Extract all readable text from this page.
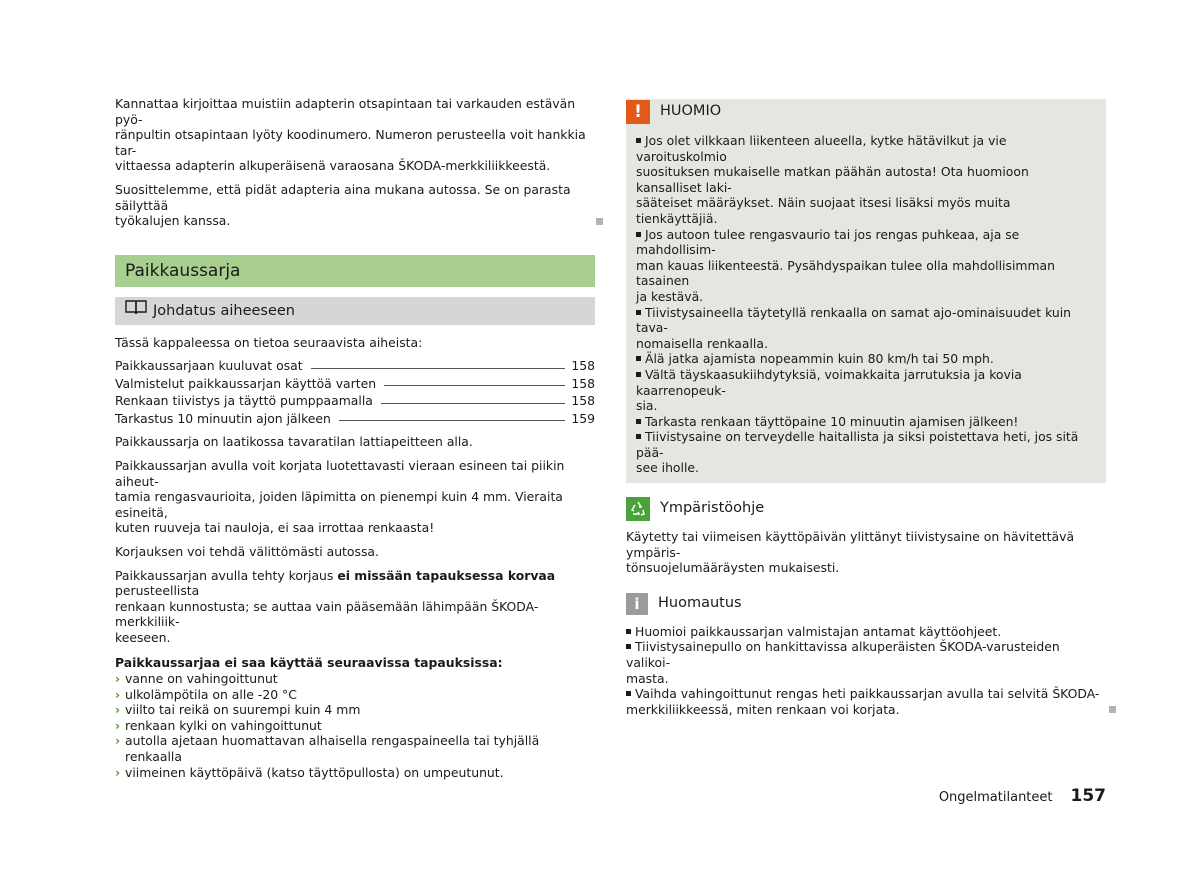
Kannattaa kirjoittaa muistiin adapterin otsapintaan tai varkauden estävän pyö-
ränpultin otsapintaan lyöty koodinumero. Numeron perusteella voit hankkia tar-
vittaessa adapterin alkuperäisenä varaosana ŠKODA-merkkiliikkeestä.

Suosittelemme, että pidät adapteria aina mukana autossa. Se on parasta säilyttää
työkalujen kanssa.

Paikkaussarja
Johdatus aiheeseen

Tässä kappaleessa on tietoa seuraavista aiheista:

Paikkaussarjaan kuuluvat osat	158
Valmistelut paikkaussarjan käyttöä varten	158
Renkaan tiivistys ja täyttö pumppaamalla	158
Tarkastus 10 minuutin ajon jälkeen	159

Paikkaussarja on laatikossa tavaratilan lattiapeitteen alla.

Paikkaussarjan avulla voit korjata luotettavasti vieraan esineen tai piikin aiheut-
tamia rengasvaurioita, joiden läpimitta on pienempi kuin 4 mm. Vieraita esineitä,
kuten ruuveja tai nauloja, ei saa irrottaa renkaasta!

Korjauksen voi tehdä välittömästi autossa.

Paikkaussarjan avulla tehty korjaus ei missään tapauksessa korvaa perusteellista
renkaan kunnostusta; se auttaa vain pääsemään lähimpään ŠKODA-merkkiliik-
keeseen.

Paikkaussarjaa ei saa käyttää seuraavissa tapauksissa:

› vanne on vahingoittunut
› ulkolämpötila on alle -20 °C
› viilto tai reikä on suurempi kuin 4 mm
› renkaan kylki on vahingoittunut
› autolla ajetaan huomattavan alhaisella rengaspaineella tai tyhjällä renkaalla
› viimeinen käyttöpäivä (katso täyttöpullosta) on umpeutunut.
!	HUOMIO
Jos olet vilkkaan liikenteen alueella, kytke hätävilkut ja vie varoituskolmio
suosituksen mukaiselle matkan päähän autosta! Ota huomioon kansalliset laki-
sääteiset määräykset. Näin suojaat itsesi lisäksi myös muita tienkäyttäjiä.
Jos autoon tulee rengasvaurio tai jos rengas puhkeaa, aja se mahdollisim-
man kauas liikenteestä. Pysähdyspaikan tulee olla mahdollisimman tasainen
ja kestävä.
Tiivistysaineella täytetyllä renkaalla on samat ajo-ominaisuudet kuin tava-
nomaisella renkaalla.
Älä jatka ajamista nopeammin kuin 80 km/h tai 50 mph.
Vältä täyskaasukiihdytyksiä, voimakkaita jarrutuksia ja kovia kaarrenopeuk-
sia.
Tarkasta renkaan täyttöpaine 10 minuutin ajamisen jälkeen!
Tiivistysaine on terveydelle haitallista ja siksi poistettava heti, jos sitä pää-
see iholle.
Ympäristöohje

Käytetty tai viimeisen käyttöpäivän ylittänyt tiivistysaine on hävitettävä ympäris-
tönsuojelumääräysten mukaisesti.

i	Huomautus
Huomioi paikkaussarjan valmistajan antamat käyttöohjeet.
Tiivistysainepullo on hankittavissa alkuperäisten ŠKODA-varusteiden valikoi-
masta.
Vaihda vahingoittunut rengas heti paikkaussarjan avulla tai selvitä ŠKODA-
merkkiliikkeessä, miten renkaan voi korjata.
Ongelmatilanteet 157
